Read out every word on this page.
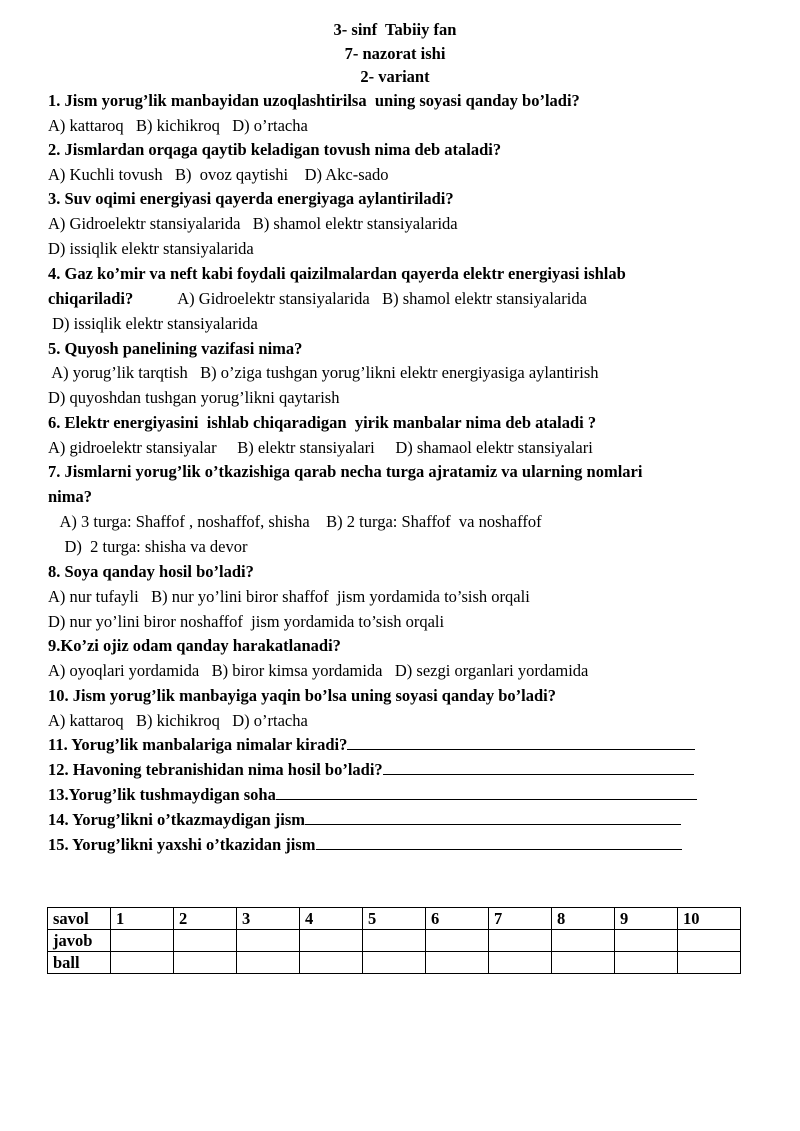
3- sinf  Tabiiy fan
7- nazorat ishi
2- variant
1. Jism yorug’lik manbayidan uzoqlashtirilsa  uning soyasi qanday bo’ladi?
A) kattaroq   B) kichikroq   D) o’rtacha
2. Jismlardan orqaga qaytib keladigan tovush nima deb ataladi?
A) Kuchli tovush   B)  ovoz qaytishi    D) Akc-sado
3. Suv oqimi energiyasi qayerda energiyaga aylantiriladi?
A) Gidroelektr stansiyalarida   B) shamol elektr stansiyalarida
D) issiqlik elektr stansiyalarida
4. Gaz ko’mir va neft kabi foydali qaizilmalardan qayerda elektr energiyasi ishlab
chiqariladi?	A) Gidroelektr stansiyalarida   B) shamol elektr stansiyalarida
D) issiqlik elektr stansiyalarida
5. Quyosh panelining vazifasi nima?
A) yorug’lik tarqtish   B) o’ziga tushgan yorug’likni elektr energiyasiga aylantirish
D) quyoshdan tushgan yorug’likni qaytarish
6. Elektr energiyasini  ishlab chiqaradigan  yirik manbalar nima deb ataladi ?
A) gidroelektr stansiyalar     B) elektr stansiyalari     D) shamaol elektr stansiyalari
7. Jismlarni yorug’lik o’tkazishiga qarab necha turga ajratamiz va ularning nomlari
nima?
A) 3 turga: Shaffof , noshaffof, shisha    B) 2 turga: Shaffof  va noshaffof
D)  2 turga: shisha va devor
8. Soya qanday hosil bo’ladi?
A) nur tufayli   B) nur yo’lini biror shaffof  jism yordamida to’sish orqali
D) nur yo’lini biror noshaffof  jism yordamida to’sish orqali
9.Ko’zi ojiz odam qanday harakatlanadi?
A) oyoqlari yordamida   B) biror kimsa yordamida   D) sezgi organlari yordamida
10. Jism yorug’lik manbayiga yaqin bo’lsa uning soyasi qanday bo’ladi?
A) kattaroq   B) kichikroq   D) o’rtacha
11. Yorug’lik manbalariga nimalar kiradi?
12. Havoning tebranishidan nima hosil bo’ladi?
13.Yorug’lik tushmaydigan soha
14. Yorug’likni o’tkazmaydigan jism
15. Yorug’likni yaxshi o’tkazidan jism
savol	1	2	3	4	5	6	7	8	9	10
javob										
ball										
